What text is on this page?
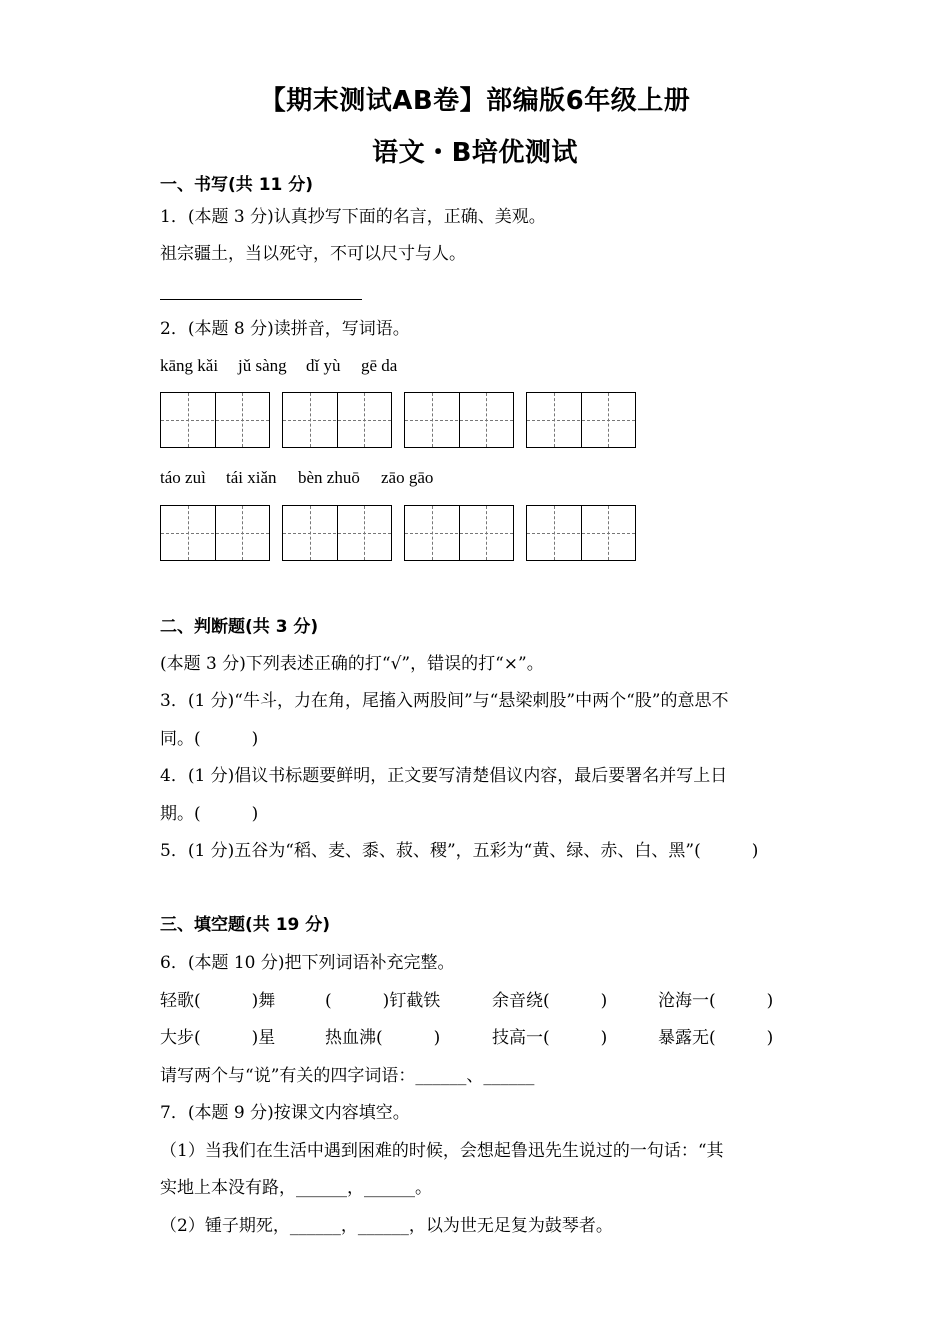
【期末测试AB卷】部编版6年级上册
语文・B培优测试
一、书写(共 11 分)
1．(本题 3 分)认真抄写下面的名言，正确、美观。
祖宗疆土，当以死守，不可以尺寸与人。
2．(本题 8 分)读拼音，写词语。
kāng kǎi jǔ sàng dǐ yù gē da
táo zuì tái xiǎn bèn zhuō zāo gāo
二、判断题(共 3 分)
(本题 3 分)下列表述正确的打“√”，错误的打“×”。
3．(1 分)“牛斗，力在角，尾搐入两股间”与“悬梁刺股”中两个“股”的意思不
同。(　　　)
4．(1 分)倡议书标题要鲜明，正文要写清楚倡议内容，最后要署名并写上日
期。(　　　)
5．(1 分)五谷为“稻、麦、黍、菽、稷”，五彩为“黄、绿、赤、白、黑”(　　　)
三、填空题(共 19 分)
6．(本题 10 分)把下列词语补充完整。
轻歌(　　　)舞	(　　　)钉截铁	余音绕(　　　)	沧海一(　　　)
大步(　　　)星	热血沸(　　　)	技高一(　　　)	暴露无(　　　)
请写两个与“说”有关的四字词语：______、______
7．(本题 9 分)按课文内容填空。
（1）当我们在生活中遇到困难的时候，会想起鲁迅先生说过的一句话：“其
实地上本没有路，______，______。
（2）锺子期死，______，______，以为世无足复为鼓琴者。
